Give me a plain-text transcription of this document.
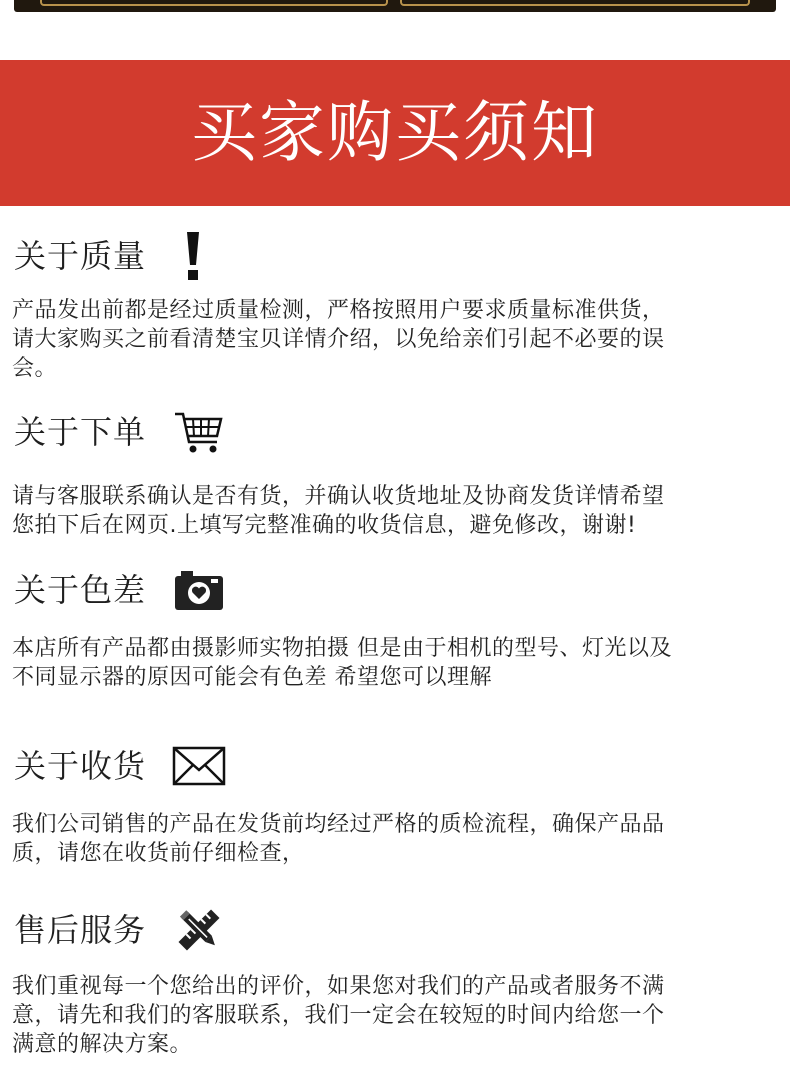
买家购买须知
关于质量
产品发出前都是经过质量检测，严格按照用户要求质量标准供货，
请大家购买之前看清楚宝贝详情介绍，以免给亲们引起不必要的误
会。
关于下单
请与客服联系确认是否有货，并确认收货地址及协商发货详情希望
您拍下后在网页.上填写完整准确的收货信息，避免修改，谢谢!
关于色差
本店所有产品都由摄影师实物拍摄 但是由于相机的型号、灯光以及
不同显示器的原因可能会有色差 希望您可以理解
关于收货
我们公司销售的产品在发货前均经过严格的质检流程，确保产品品
质，请您在收货前仔细检查，
售后服务
我们重视每一个您给出的评价，如果您对我们的产品或者服务不满
意，请先和我们的客服联系，我们一定会在较短的时间内给您一个
满意的解决方案。
